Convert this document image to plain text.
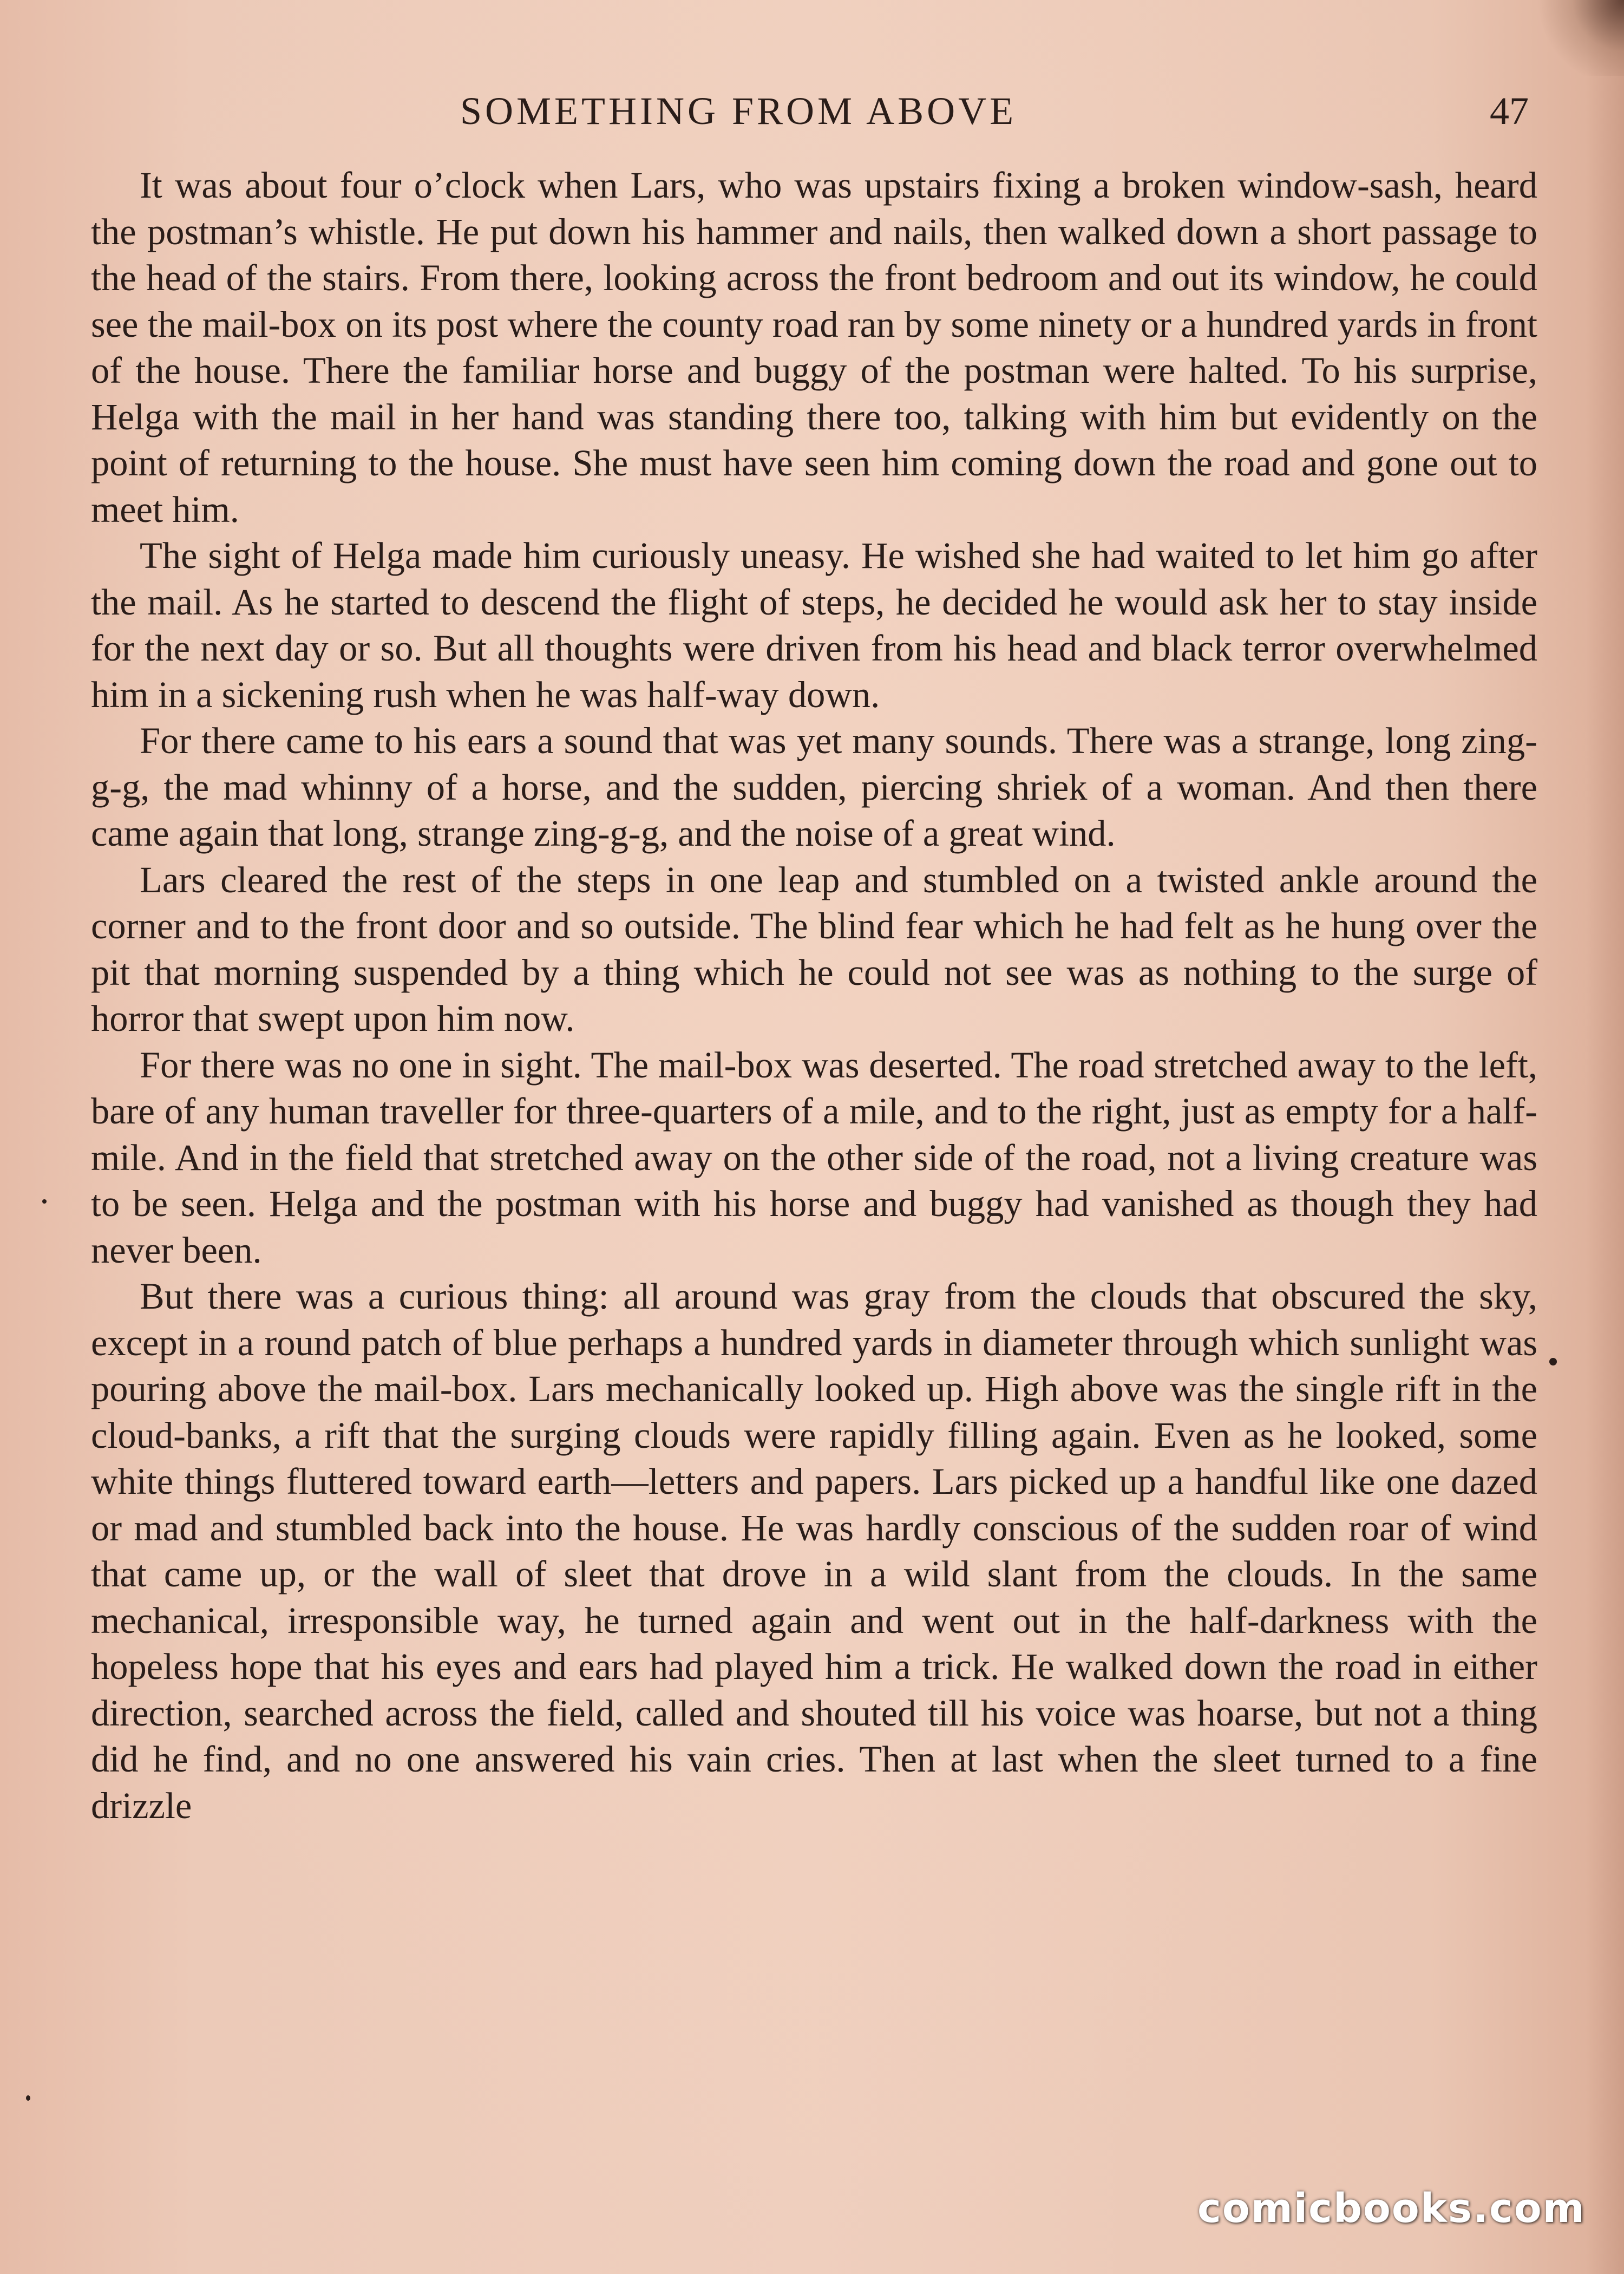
SOMETHING FROM ABOVE	47

It was about four o’clock when Lars, who was upstairs fixing a broken window-sash, heard the postman’s whistle. He put down his hammer and nails, then walked down a short passage to the head of the stairs. From there, looking across the front bedroom and out its window, he could see the mail-box on its post where the county road ran by some ninety or a hundred yards in front of the house. There the familiar horse and buggy of the postman were halted. To his surprise, Helga with the mail in her hand was standing there too, talking with him but evidently on the point of returning to the house. She must have seen him coming down the road and gone out to meet him.

The sight of Helga made him curiously uneasy. He wished she had waited to let him go after the mail. As he started to descend the flight of steps, he decided he would ask her to stay inside for the next day or so. But all thoughts were driven from his head and black terror overwhelmed him in a sickening rush when he was half-way down.

For there came to his ears a sound that was yet many sounds. There was a strange, long zing-g-g, the mad whinny of a horse, and the sudden, piercing shriek of a woman. And then there came again that long, strange zing-g-g, and the noise of a great wind.

Lars cleared the rest of the steps in one leap and stumbled on a twisted ankle around the corner and to the front door and so outside. The blind fear which he had felt as he hung over the pit that morning suspended by a thing which he could not see was as nothing to the surge of horror that swept upon him now.

For there was no one in sight. The mail-box was deserted. The road stretched away to the left, bare of any human traveller for three-quarters of a mile, and to the right, just as empty for a half-mile. And in the field that stretched away on the other side of the road, not a living creature was to be seen. Helga and the postman with his horse and buggy had vanished as though they had never been.

But there was a curious thing: all around was gray from the clouds that obscured the sky, except in a round patch of blue perhaps a hundred yards in diameter through which sunlight was pouring above the mail-box. Lars mechanically looked up. High above was the single rift in the cloud-banks, a rift that the surging clouds were rapidly filling again. Even as he looked, some white things fluttered toward earth—letters and papers. Lars picked up a handful like one dazed or mad and stumbled back into the house. He was hardly conscious of the sudden roar of wind that came up, or the wall of sleet that drove in a wild slant from the clouds. In the same mechanical, irresponsible way, he turned again and went out in the half-darkness with the hopeless hope that his eyes and ears had played him a trick. He walked down the road in either direction, searched across the field, called and shouted till his voice was hoarse, but not a thing did he find, and no one answered his vain cries. Then at last when the sleet turned to a fine drizzle

comicbooks.com
